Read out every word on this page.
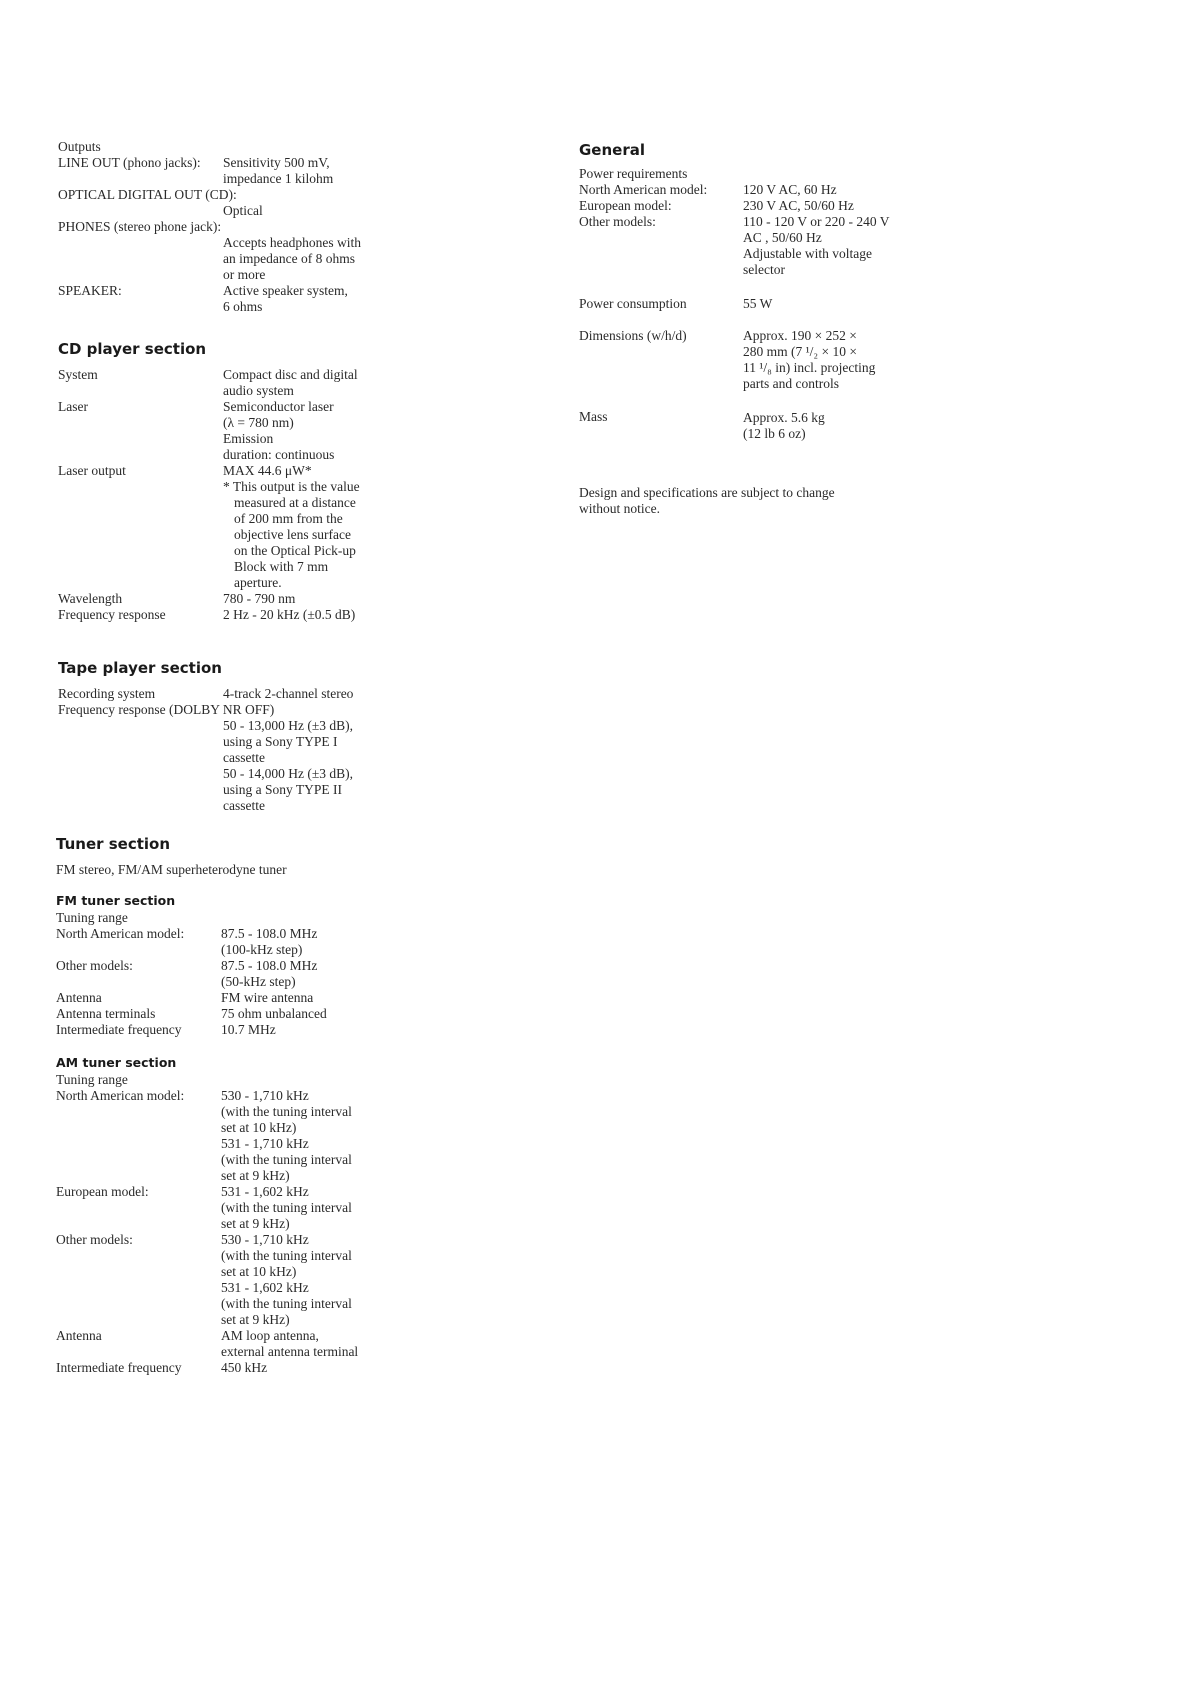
Outputs
LINE OUT (phono jacks): Sensitivity 500 mV,
impedance 1 kilohm
OPTICAL DIGITAL OUT (CD):
Optical
PHONES (stereo phone jack):
Accepts headphones with
an impedance of 8 ohms
or more
SPEAKER:	Active speaker system,
6 ohms
CD player section
System	Compact disc and digital
audio system
Laser	Semiconductor laser
(λ = 780 nm)
Emission
duration: continuous
Laser output	MAX 44.6 μW*
* This output is the value
measured at a distance
of 200 mm from the
objective lens surface
on the Optical Pick-up
Block with 7 mm
aperture.
Wavelength	780 - 790 nm
Frequency response	2 Hz - 20 kHz (±0.5 dB)
Tape player section
Recording system	4-track 2-channel stereo
Frequency response (DOLBY NR OFF)
50 - 13,000 Hz (±3 dB),
using a Sony TYPE I
cassette
50 - 14,000 Hz (±3 dB),
using a Sony TYPE II
cassette
Tuner section
FM stereo, FM/AM superheterodyne tuner
FM tuner section
Tuning range
North American model:	87.5 - 108.0 MHz
(100-kHz step)
Other models:	87.5 - 108.0 MHz
(50-kHz step)
Antenna	FM wire antenna
Antenna terminals	75 ohm unbalanced
Intermediate frequency	10.7 MHz
AM tuner section
Tuning range
North American model:	530 - 1,710 kHz
(with the tuning interval
set at 10 kHz)
531 - 1,710 kHz
(with the tuning interval
set at 9 kHz)
European model:	531 - 1,602 kHz
(with the tuning interval
set at 9 kHz)
Other models:	530 - 1,710 kHz
(with the tuning interval
set at 10 kHz)
531 - 1,602 kHz
(with the tuning interval
set at 9 kHz)
Antenna	AM loop antenna,
external antenna terminal
Intermediate frequency	450 kHz
General
Power requirements
North American model:	120 V AC, 60 Hz
European model:	230 V AC, 50/60 Hz
Other models:	110 - 120 V or 220 - 240 V
AC , 50/60 Hz
Adjustable with voltage
selector
Power consumption	55 W
Dimensions (w/h/d)	Approx. 190 × 252 ×
280 mm (7 ¹/₂ × 10 ×
11 ¹/₈ in) incl. projecting
parts and controls
Mass	Approx. 5.6 kg
(12 lb 6 oz)
Design and specifications are subject to change
without notice.
